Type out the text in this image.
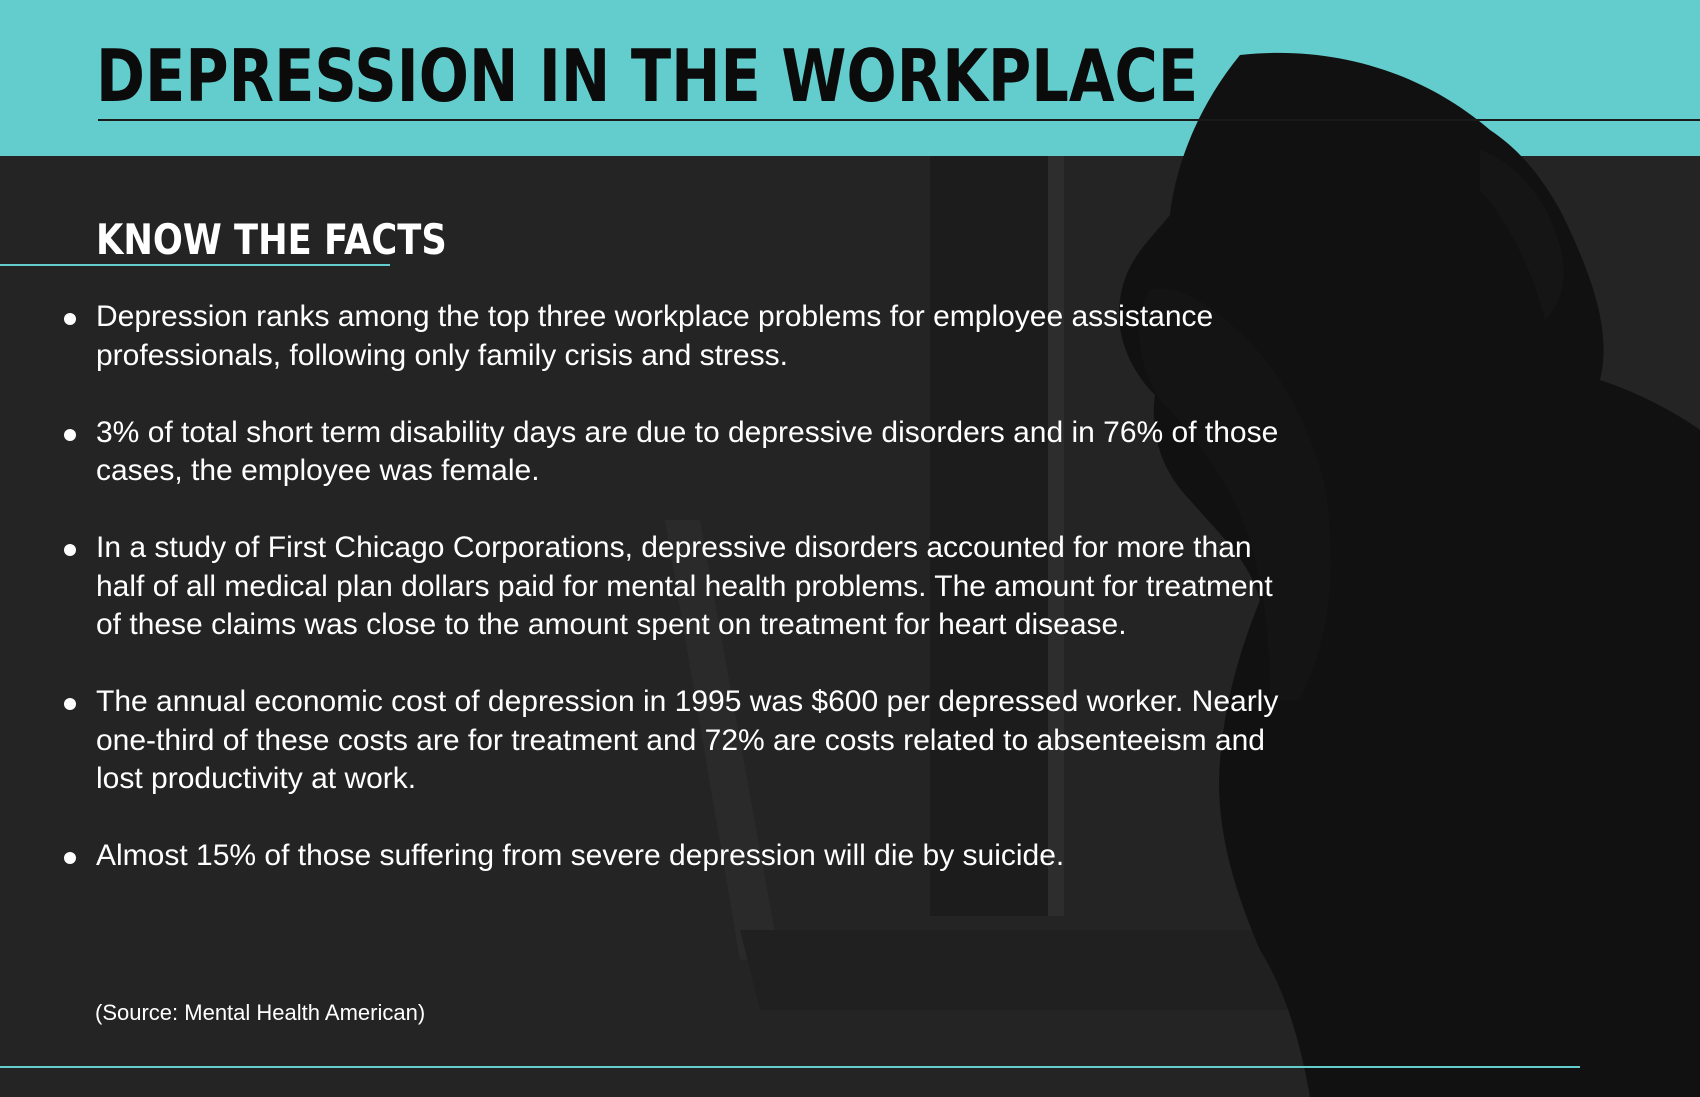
DEPRESSION IN THE WORKPLACE
KNOW THE FACTS
Depression ranks among the top three workplace problems for employee assistance professionals, following only family crisis and stress.
3% of total short term disability days are due to depressive disorders and in 76% of those cases, the employee was female.
In a study of First Chicago Corporations, depressive disorders accounted for more than half of all medical plan dollars paid for mental health problems. The amount for treatment of these claims was close to the amount spent on treatment for heart disease.
The annual economic cost of depression in 1995 was $600 per depressed worker. Nearly one-third of these costs are for treatment and 72% are costs related to absenteeism and lost productivity at work.
Almost 15% of those suffering from severe depression will die by suicide.

(Source: Mental Health American)
